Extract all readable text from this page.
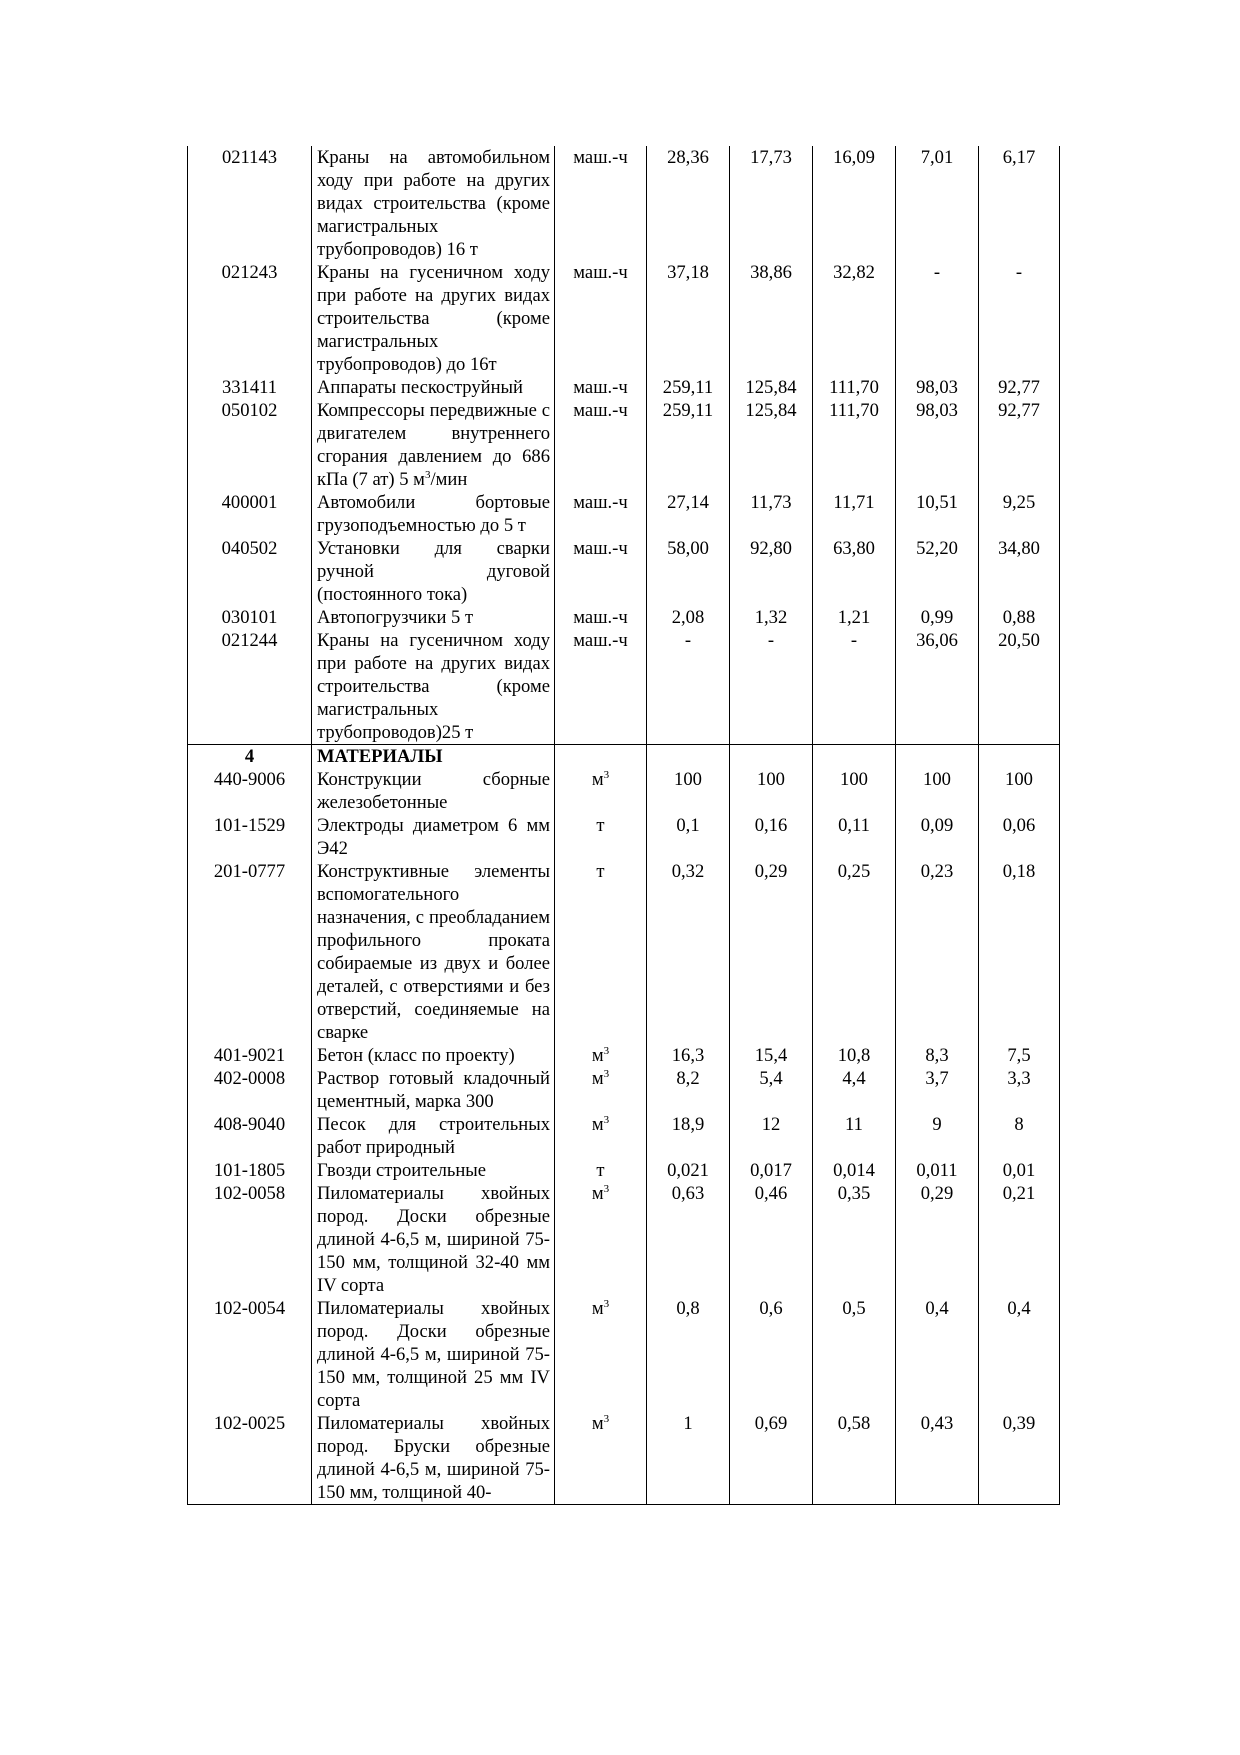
021143	Краны на автомобильном ходу при работе на других видах строительства (кроме магистральных трубопроводов) 16 т	маш.-ч	28,36	17,73	16,09	7,01	6,17
021243	Краны на гусеничном ходу при работе на других видах строительства (кроме магистральных трубопроводов) до 16т	маш.-ч	37,18	38,86	32,82	-	-
331411	Аппараты пескоструйный	маш.-ч	259,11	125,84	111,70	98,03	92,77
050102	Компрессоры передвижные с двигателем внутреннего сгорания давлением до 686 кПа (7 ат) 5 $м^3$/мин	маш.-ч	259,11	125,84	111,70	98,03	92,77
400001	Автомобили бортовые грузоподъемностью до 5 т	маш.-ч	27,14	11,73	11,71	10,51	9,25
040502	Установки для сварки ручной дуговой (постоянного тока)	маш.-ч	58,00	92,80	63,80	52,20	34,80
030101	Автопогрузчики 5 т	маш.-ч	2,08	1,32	1,21	0,99	0,88
021244	Краны на гусеничном ходу при работе на других видах строительства (кроме магистральных трубопроводов)25 т	маш.-ч	-	-	-	36,06	20,50
4	МАТЕРИАЛЫ						
440-9006	Конструкции сборные железобетонные	$м^3$	100	100	100	100	100
101-1529	Электроды диаметром 6 мм Э42	т	0,1	0,16	0,11	0,09	0,06
201-0777	Конструктивные элементы вспомогательного назначения, с преобладанием профильного проката собираемые из двух и более деталей, с отверстиями и без отверстий, соединяемые на сварке	т	0,32	0,29	0,25	0,23	0,18
401-9021	Бетон (класс по проекту)	$м^3$	16,3	15,4	10,8	8,3	7,5
402-0008	Раствор готовый кладочный цементный, марка 300	$м^3$	8,2	5,4	4,4	3,7	3,3
408-9040	Песок для строительных работ природный	$м^3$	18,9	12	11	9	8
101-1805	Гвозди строительные	т	0,021	0,017	0,014	0,011	0,01
102-0058	Пиломатериалы хвойных пород. Доски обрезные длиной 4-6,5 м, шириной 75-150 мм, толщиной 32-40 мм IV сорта	$м^3$	0,63	0,46	0,35	0,29	0,21
102-0054	Пиломатериалы хвойных пород. Доски обрезные длиной 4-6,5 м, шириной 75-150 мм, толщиной 25 мм IV сорта	$м^3$	0,8	0,6	0,5	0,4	0,4
102-0025	Пиломатериалы хвойных пород. Бруски обрезные длиной 4-6,5 м, шириной 75-150 мм, толщиной 40-	$м^3$	1	0,69	0,58	0,43	0,39
